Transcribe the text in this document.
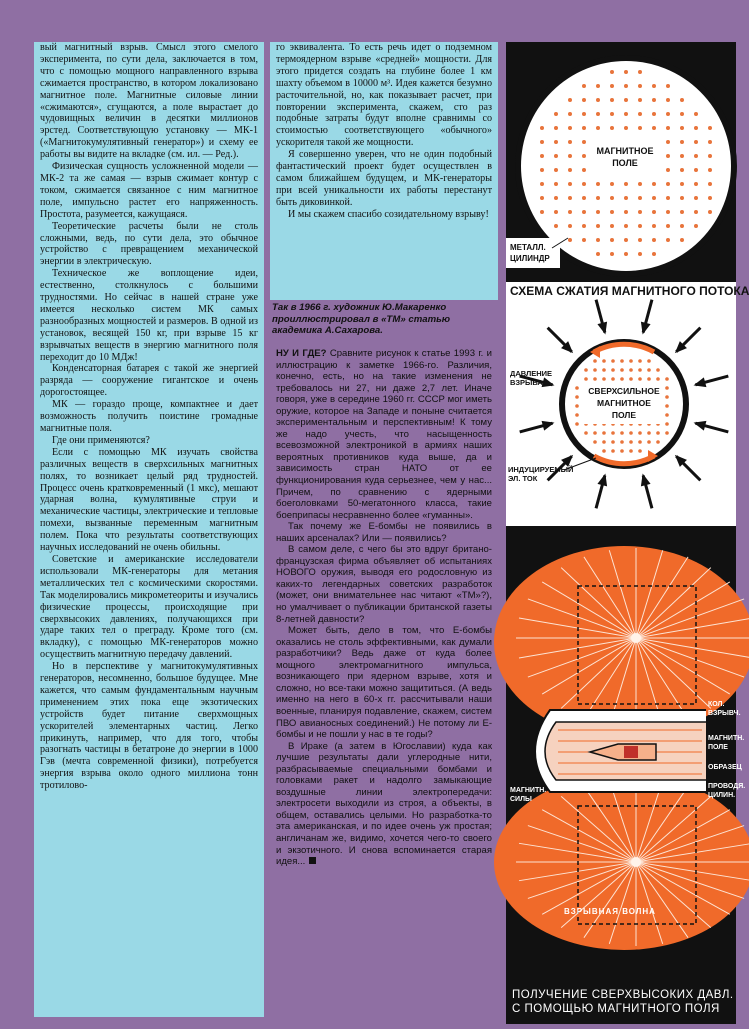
вый магнитный взрыв. Смысл этого смелого эксперимента, по сути дела, заключается в том, что с помощью мощного направленного взрыва сжимается пространство, в котором локализовано магнитное поле. Магнитные силовые линии «сжимаются», сгущаются, а поле вырастает до чудовищных величин в десятки миллионов эрстед. Соответствующую установку — МК-1 («Магнитокумулятивный генератор») и схему ее работы вы видите на вкладке (см. ил. — Ред.).

Физическая сущность усложненной модели — МК-2 та же самая — взрыв сжимает контур с током, сжимается связанное с ним магнитное поле, импульсно растет его напряженность. Простота, разумеется, кажущаяся.

Теоретические расчеты были не столь сложными, ведь, по сути дела, это обычное устройство с превращением механической энергии в электрическую.

Техническое же воплощение идеи, естественно, столкнулось с большими трудностями. Но сейчас в нашей стране уже имеется несколько систем МК самых разнообразных мощностей и размеров. В одной из установок, весящей 150 кг, при взрыве 15 кг взрывчатых веществ в энергию магнитного поля переходит до 10 МДж!

Конденсаторная батарея с такой же энергией разряда — сооружение гигантское и очень дорогостоящее.

МК — гораздо проще, компактнее и дает возможность получить поистине громадные магнитные поля.

Где они применяются?

Если с помощью МК изучать свойства различных веществ в сверхсильных магнитных полях, то возникает целый ряд трудностей. Процесс очень кратковременный (1 мкс), мешают ударная волна, кумулятивные струи и механические частицы, электрические и тепловые помехи, вызванные переменным магнитным полем. Пока что результаты соответствующих научных исследований не очень обильны.

Советские и американские исследователи использовали МК-генераторы для метания металлических тел с космическими скоростями. Так моделировались микрометеориты и изучались физические процессы, происходящие при сверхвысоких давлениях, получающихся при ударе таких тел о преграду. Кроме того (см. вкладку), с помощью МК-генераторов можно осуществить магнитную передачу давлений.

Но в перспективе у магнитокумулятивных генераторов, несомненно, большое будущее. Мне кажется, что самым фундаментальным научным применением этих пока еще экзотических устройств будет питание сверхмощных ускорителей элементарных частиц. Легко прикинуть, например, что для того, чтобы разогнать частицы в бетатроне до энергии в 1000 Гэв (мечта современной физики), потребуется энергия взрыва около одного миллиона тонн тротилово-

го эквивалента. То есть речь идет о подземном термоядерном взрыве «средней» мощности. Для этого придется создать на глубине более 1 км шахту объемом в 10000 м³. Идея кажется безумно расточительной, но, как показывает расчет, при повторении эксперимента, скажем, сто раз подобные затраты будут вполне сравнимы со стоимостью соответствующего «обычного» ускорителя такой же мощности.

Я совершенно уверен, что не один подобный фантастический проект будет осуществлен в самом ближайшем будущем, и МК-генераторы при всей уникальности их работы перестанут быть диковинкой.

И мы скажем спасибо созидательному взрыву!

Так в 1966 г. художник Ю.Макаренко проиллюстрировал в «ТМ» статью академика А.Сахарова.

НУ И ГДЕ? Сравните рисунок к статье 1993 г. и иллюстрацию к заметке 1966-го. Различия, конечно, есть, но на такие изменения не требовалось ни 27, ни даже 2,7 лет. Иначе говоря, уже в середине 1960 гг. СССР мог иметь оружие, которое на Западе и поныне считается экспериментальным и перспективным! К тому же надо учесть, что насыщенность всевозможной электроникой в армиях наших вероятных противников куда выше, да и зависимость стран НАТО от ее функционирования куда серьезнее, чем у нас... Причем, по сравнению с ядерными боеголовками 50-мегатонного класса, такие боеприпасы несравненно более «гуманны».

Так почему же Е-бомбы не появились в наших арсеналах? Или — появились?

В самом деле, с чего бы это вдруг британо-французская фирма объявляет об испытаниях НОВОГО оружия, выводя его родословную из каких-то легендарных советских разработок (может, они внимательнее нас читают «ТМ»?), но умалчивает о публикации британской газеты 8-летней давности?

Может быть, дело в том, что Е-бомбы оказались не столь эффективными, как думали разработчики? Ведь даже от куда более мощного электромагнитного импульса, возникающего при ядерном взрыве, хотя и сложно, но все-таки можно защититься. (А ведь именно на него в 60-х гг. рассчитывали наши военные, планируя подавление, скажем, систем ПВО авианосных соединений.) Не потому ли Е-бомбы и не пошли у нас в те годы?

В Ираке (а затем в Югославии) куда как лучшие результаты дали углеродные нити, разбрасываемые специальными бомбами и головками ракет и надолго замыкающие воздушные линии электропередачи: электросети выходили из строя, а объекты, в общем, оставались целыми. Но разработка-то эта американская, и по идее очень уж простая; англичанам же, видимо, хочется чего-то своего и экзотичного. И снова вспоминается старая идея...

МАГНИТНОЕ
ПОЛЕ
МЕТАЛЛ.
ЦИЛИНДР
СХЕМА СЖАТИЯ МАГНИТНОГО ПОТОКА
СВЕРХСИЛЬНОЕ
МАГНИТНОЕ
ПОЛЕ
ДАВЛЕНИЕ
ВЗРЫВА
ИНДУЦИРУЕМЫЙ
ЭЛ. ТОК
КОЛ.
ВЗРЫВЧ.
МАГНИТН.
ПОЛЕ
ОБРАЗЕЦ
ПРОВОДЯ.
ЦИЛИН.
МАГНИТН.
СИЛЫ
ВЗРЫВНАЯ ВОЛНА
ПОЛУЧЕНИЕ СВЕРХВЫСОКИХ ДАВЛ.
С ПОМОЩЬЮ МАГНИТНОГО ПОЛЯ
